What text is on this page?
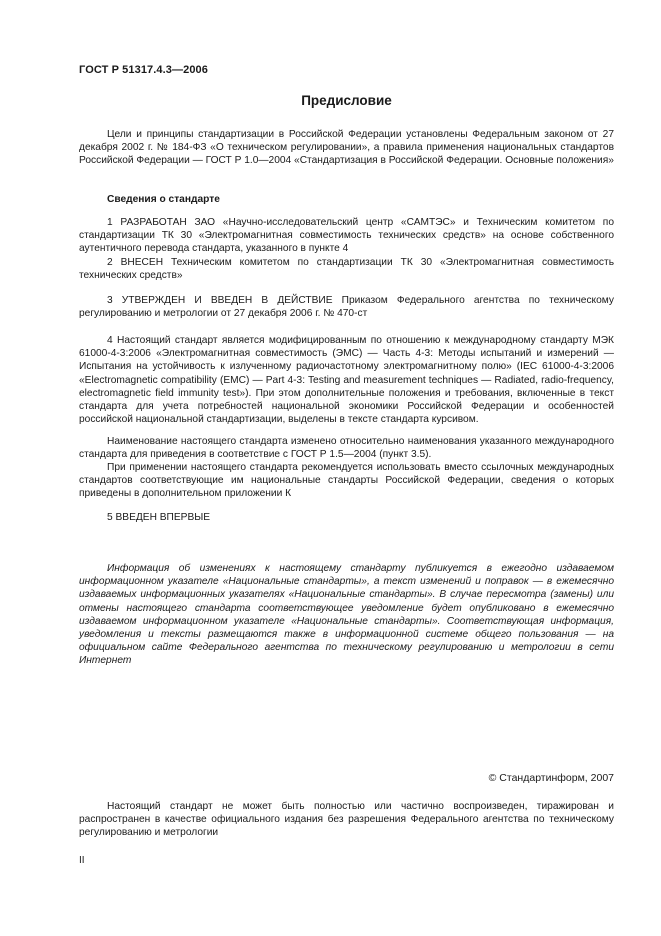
ГОСТ Р 51317.4.3—2006
Предисловие

Цели и принципы стандартизации в Российской Федерации установлены Федеральным законом от 27 декабря 2002 г. № 184-ФЗ «О техническом регулировании», а правила применения национальных стандартов Российской Федерации — ГОСТ Р 1.0—2004 «Стандартизация в Российской Федерации. Основные положения»

Сведения о стандарте

1 РАЗРАБОТАН ЗАО «Научно-исследовательский центр «САМТЭС» и Техническим комитетом по стандартизации ТК 30 «Электромагнитная совместимость технических средств» на основе собственного аутентичного перевода стандарта, указанного в пункте 4

2 ВНЕСЕН Техническим комитетом по стандартизации ТК 30 «Электромагнитная совместимость технических средств»

3 УТВЕРЖДЕН И ВВЕДЕН В ДЕЙСТВИЕ Приказом Федерального агентства по техническому регулированию и метрологии от 27 декабря 2006 г. № 470-ст

4 Настоящий стандарт является модифицированным по отношению к международному стандарту МЭК 61000-4-3:2006 «Электромагнитная совместимость (ЭМС) — Часть 4-3: Методы испытаний и измерений — Испытания на устойчивость к излученному радиочастотному электромагнитному полю» (IEC 61000-4-3:2006 «Electromagnetic compatibility (EMC) — Part 4-3: Testing and measurement techniques — Radiated, radio-frequency, electromagnetic field immunity test»). При этом дополнительные положения и требования, включенные в текст стандарта для учета потребностей национальной экономики Российской Федерации и особенностей российской национальной стандартизации, выделены в тексте стандарта курсивом.

Наименование настоящего стандарта изменено относительно наименования указанного международного стандарта для приведения в соответствие с ГОСТ Р 1.5—2004 (пункт 3.5).

При применении настоящего стандарта рекомендуется использовать вместо ссылочных международных стандартов соответствующие им национальные стандарты Российской Федерации, сведения о которых приведены в дополнительном приложении К

5 ВВЕДЕН ВПЕРВЫЕ

Информация об изменениях к настоящему стандарту публикуется в ежегодно издаваемом информационном указателе «Национальные стандарты», а текст изменений и поправок — в ежемесячно издаваемых информационных указателях «Национальные стандарты». В случае пересмотра (замены) или отмены настоящего стандарта соответствующее уведомление будет опубликовано в ежемесячно издаваемом информационном указателе «Национальные стандарты». Соответствующая информация, уведомления и тексты размещаются также в информационной системе общего пользования — на официальном сайте Федерального агентства по техническому регулированию и метрологии в сети Интернет

© Стандартинформ, 2007

Настоящий стандарт не может быть полностью или частично воспроизведен, тиражирован и распространен в качестве официального издания без разрешения Федерального агентства по техническому регулированию и метрологии

II
